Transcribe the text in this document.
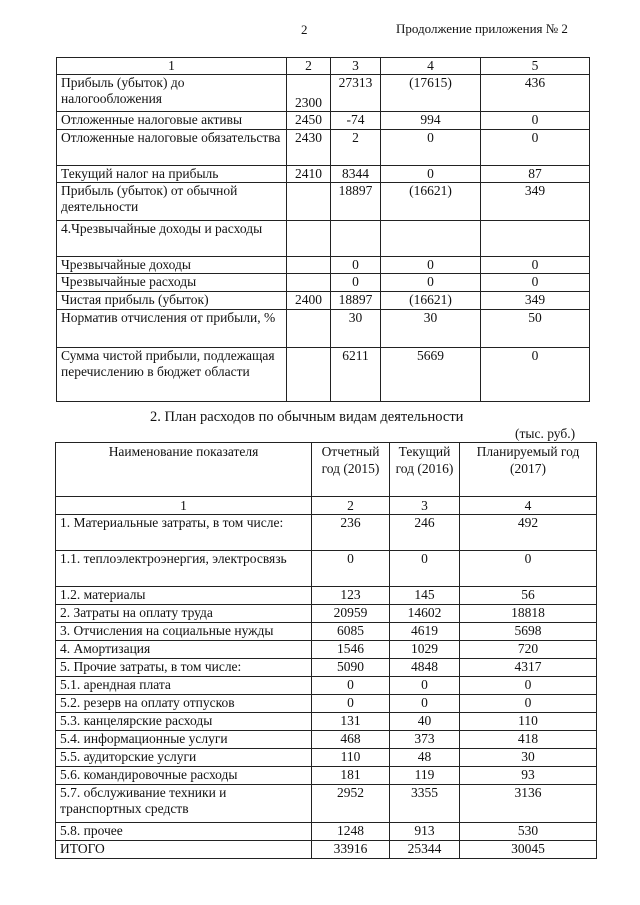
2	Продолжение приложения № 2
1	2	3	4	5
Прибыль (убыток) до налогообложения	2300	27313	(17615)	436
Отложенные налоговые активы	2450	-74	994	0
Отложенные налоговые обязательства	2430	2	0	0
Текущий налог на прибыль	2410	8344	0	87
Прибыль (убыток) от обычной деятельности		18897	(16621)	349
4.Чрезвычайные доходы и расходы				
Чрезвычайные доходы		0	0	0
Чрезвычайные расходы		0	0	0
Чистая прибыль (убыток)	2400	18897	(16621)	349
Норматив отчисления от прибыли, %		30	30	50
Сумма чистой прибыли, подлежащая перечислению в бюджет области		6211	5669	0
2. План расходов по обычным видам деятельности
(тыс. руб.)
Наименование показателя	Отчетный год (2015)	Текущий год (2016)	Планируемый год (2017)
1	2	3	4
1. Материальные затраты, в том числе:	236	246	492
1.1. теплоэлектроэнергия, электросвязь	0	0	0
1.2. материалы	123	145	56
2. Затраты на оплату труда	20959	14602	18818
3. Отчисления на социальные нужды	6085	4619	5698
4. Амортизация	1546	1029	720
5. Прочие затраты, в том числе:	5090	4848	4317
5.1. арендная плата	0	0	0
5.2. резерв на оплату отпусков	0	0	0
5.3. канцелярские расходы	131	40	110
5.4. информационные услуги	468	373	418
5.5. аудиторские услуги	110	48	30
5.6. командировочные расходы	181	119	93
5.7. обслуживание техники и транспортных средств	2952	3355	3136
5.8. прочее	1248	913	530
ИТОГО	33916	25344	30045
